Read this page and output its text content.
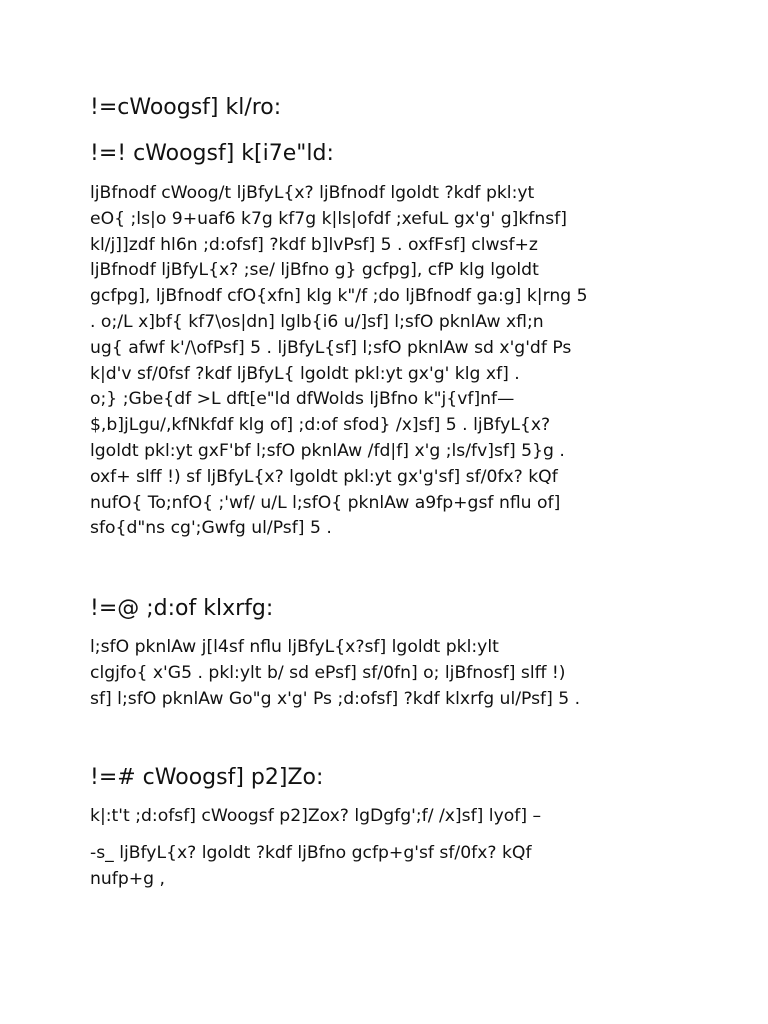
!=cWoogsf] kl/ro:
!=! cWoogsf] k[i7e"ld:
ljBfnodf cWoog/t ljBfyL{x? ljBfnodf lgoldt ?kdf pkl:yt
eO{ ;ls|o 9+uaf6 k7g kf7g k|ls|ofdf ;xefuL gx'g' g]kfnsf]
kl/j]]zdf hl6n ;d:ofsf] ?kdf b]lvPsf] 5 . oxfFsf] clwsf+z
ljBfnodf ljBfyL{x? ;se/ ljBfno g} gcfpg], cfP klg lgoldt
gcfpg], ljBfnodf cfO{xfn] klg k"/f ;do ljBfnodf ga:g] k|rng 5
. o;/L x]bf{ kf7\os|dn] lglb{i6 u/]sf] l;sfO pknlAw xfl;n
ug{ afwf k'/\ofPsf] 5 . ljBfyL{sf] l;sfO pknlAw sd x'g'df Ps
k|d'v sf/0fsf ?kdf ljBfyL{ lgoldt pkl:yt gx'g' klg xf] .
o;} ;Gbe{df >L dft[e"ld dfWolds ljBfno k"j{vf]nf—
$,b]jLgu/,kfNkfdf klg of] ;d:of sfod} /x]sf] 5 . ljBfyL{x?
lgoldt pkl:yt gxF'bf l;sfO pknlAw /fd|f] x'g ;ls/fv]sf] 5}g .
oxf+ slff !) sf ljBfyL{x? lgoldt pkl:yt gx'g'sf] sf/0fx? kQf
nufO{ To;nfO{ ;'wf/ u/L l;sfO{ pknlAw a9fp+gsf nflu of]
sfo{d"ns cg';Gwfg ul/Psf] 5 .
!=@ ;d:of klxrfg:
l;sfO pknlAw j[l4sf nflu ljBfyL{x?sf] lgoldt pkl:ylt
clgjfo{ x'G5 . pkl:ylt b/ sd ePsf] sf/0fn] o; ljBfnosf] slff !)
sf] l;sfO pknlAw Go"g x'g' Ps ;d:ofsf] ?kdf klxrfg ul/Psf] 5 .
!=# cWoogsf] p2]Zo:
k|:t't ;d:ofsf] cWoogsf p2]Zox? lgDgfg';f/ /x]sf] lyof] –
-s_ ljBfyL{x? lgoldt ?kdf ljBfno gcfp+g'sf sf/0fx? kQf
nufp+g ,
